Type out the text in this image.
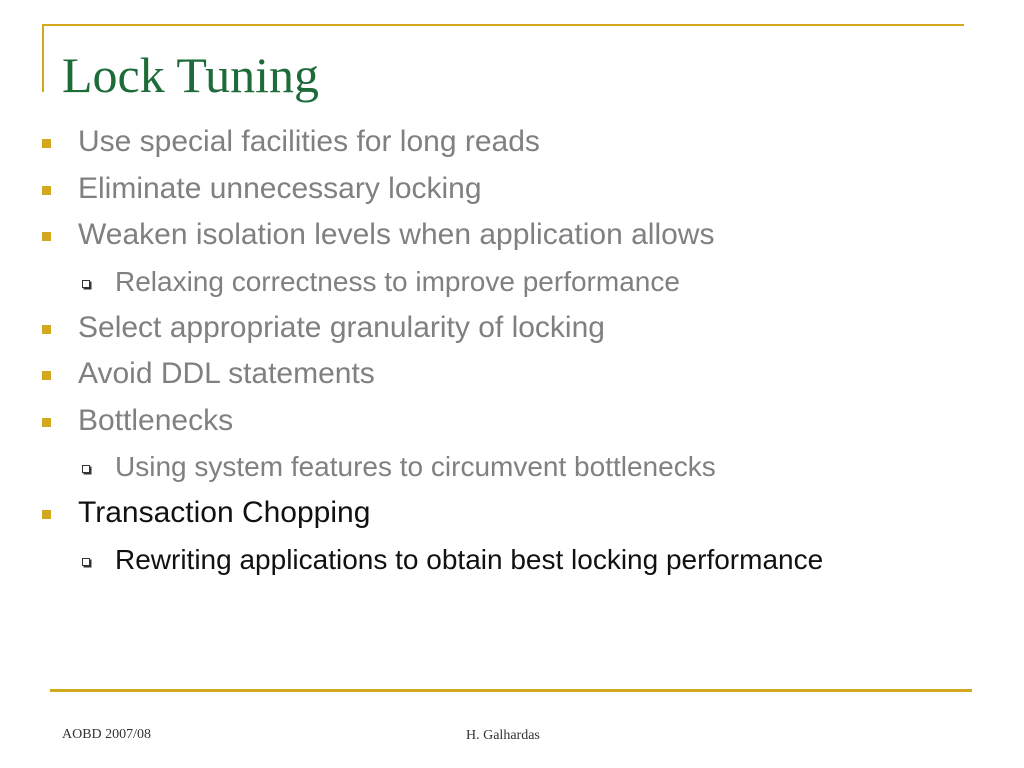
Lock Tuning
Use special facilities for long reads
Eliminate unnecessary locking
Weaken isolation levels when application allows
Relaxing correctness to improve performance
Select appropriate granularity of locking
Avoid DDL statements
Bottlenecks
Using system features to circumvent bottlenecks
Transaction Chopping
Rewriting applications to obtain best locking performance
AOBD 2007/08	H. Galhardas
